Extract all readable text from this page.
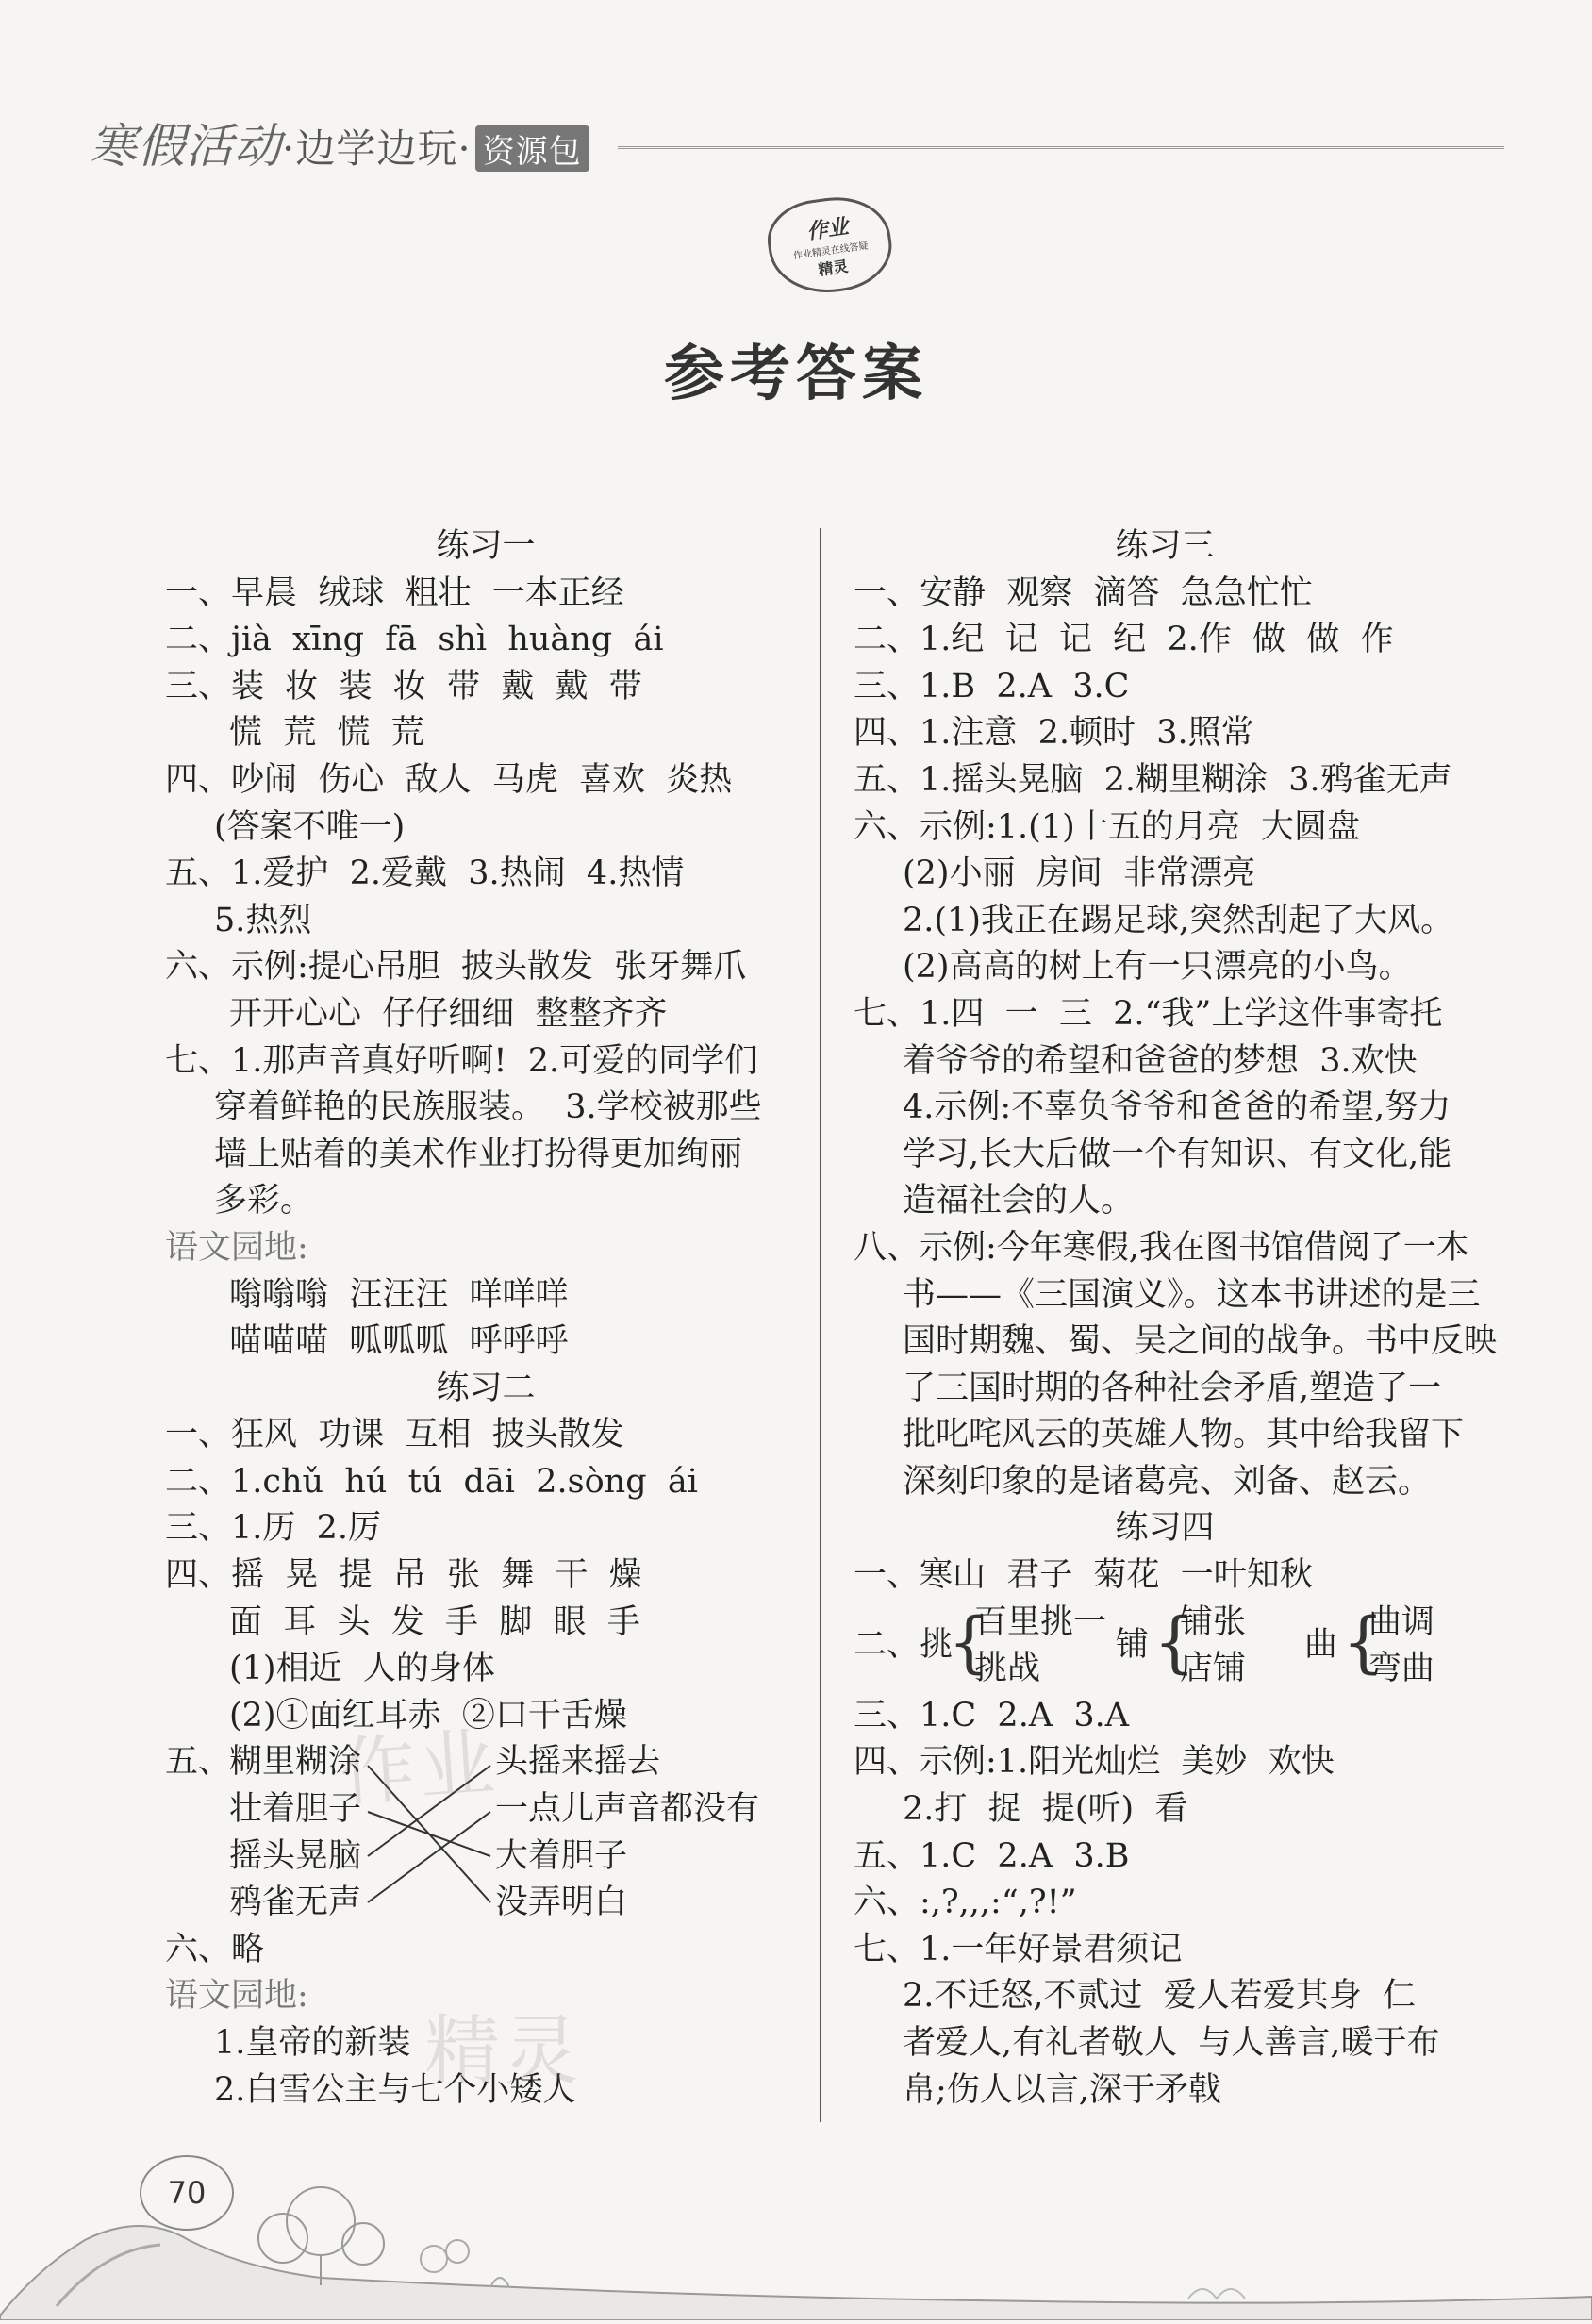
寒假活动·边学边玩· 资源包
作业
作业精灵在线答疑
精灵
参考答案
练习一
一、早晨  绒球  粗壮  一本正经
二、jià  xīng  fā  shì  huàng  ái
三、装  妆  装  妆  带  戴  戴  带
慌  荒  慌  荒
四、吵闹  伤心  敌人  马虎  喜欢  炎热
(答案不唯一)
五、1.爱护  2.爱戴  3.热闹  4.热情
5.热烈
六、示例:提心吊胆  披头散发  张牙舞爪
开开心心  仔仔细细  整整齐齐
七、1.那声音真好听啊!  2.可爱的同学们
穿着鲜艳的民族服装。  3.学校被那些
墙上贴着的美术作业打扮得更加绚丽
多彩。
语文园地:
嗡嗡嗡  汪汪汪  咩咩咩
喵喵喵  呱呱呱  呼呼呼
练习二
一、狂风  功课  互相  披头散发
二、1.chǔ  hú  tú  dāi  2.sòng  ái
三、1.历  2.厉
四、摇  晃  提  吊  张  舞  干  燥
面  耳  头  发  手  脚  眼  手
(1)相近  人的身体
(2)①面红耳赤  ②口干舌燥
五、
糊里糊涂
壮着胆子
摇头晃脑
鸦雀无声
头摇来摇去
一点儿声音都没有
大着胆子
没弄明白
六、略
语文园地:
1.皇帝的新装
2.白雪公主与七个小矮人
练习三
一、安静  观察  滴答  急急忙忙
二、1.纪  记  记  纪  2.作  做  做  作
三、1.B  2.A  3.C
四、1.注意  2.顿时  3.照常
五、1.摇头晃脑  2.糊里糊涂  3.鸦雀无声
六、示例:1.(1)十五的月亮  大圆盘
(2)小丽  房间  非常漂亮
2.(1)我正在踢足球,突然刮起了大风。
(2)高高的树上有一只漂亮的小鸟。
七、1.四  一  三  2.“我”上学这件事寄托
着爷爷的希望和爸爸的梦想  3.欢快
4.示例:不辜负爷爷和爸爸的希望,努力
学习,长大后做一个有知识、有文化,能
造福社会的人。
八、示例:今年寒假,我在图书馆借阅了一本
书——《三国演义》。这本书讲述的是三
国时期魏、蜀、吴之间的战争。书中反映
了三国时期的各种社会矛盾,塑造了一
批叱咤风云的英雄人物。其中给我留下
深刻印象的是诸葛亮、刘备、赵云。
练习四
一、寒山  君子  菊花  一叶知秋
二、挑
{
百里挑一
挑战
铺 {
铺张
店铺
曲 {
曲调
弯曲
三、1.C  2.A  3.A
四、示例:1.阳光灿烂  美妙  欢快
2.打  捉  提(听)  看
五、1.C  2.A  3.B
六、:,?,,,:“,?!”
七、1.一年好景君须记
2.不迁怒,不贰过  爱人若爱其身  仁
者爱人,有礼者敬人  与人善言,暖于布
帛;伤人以言,深于矛戟
作业
精灵
70
